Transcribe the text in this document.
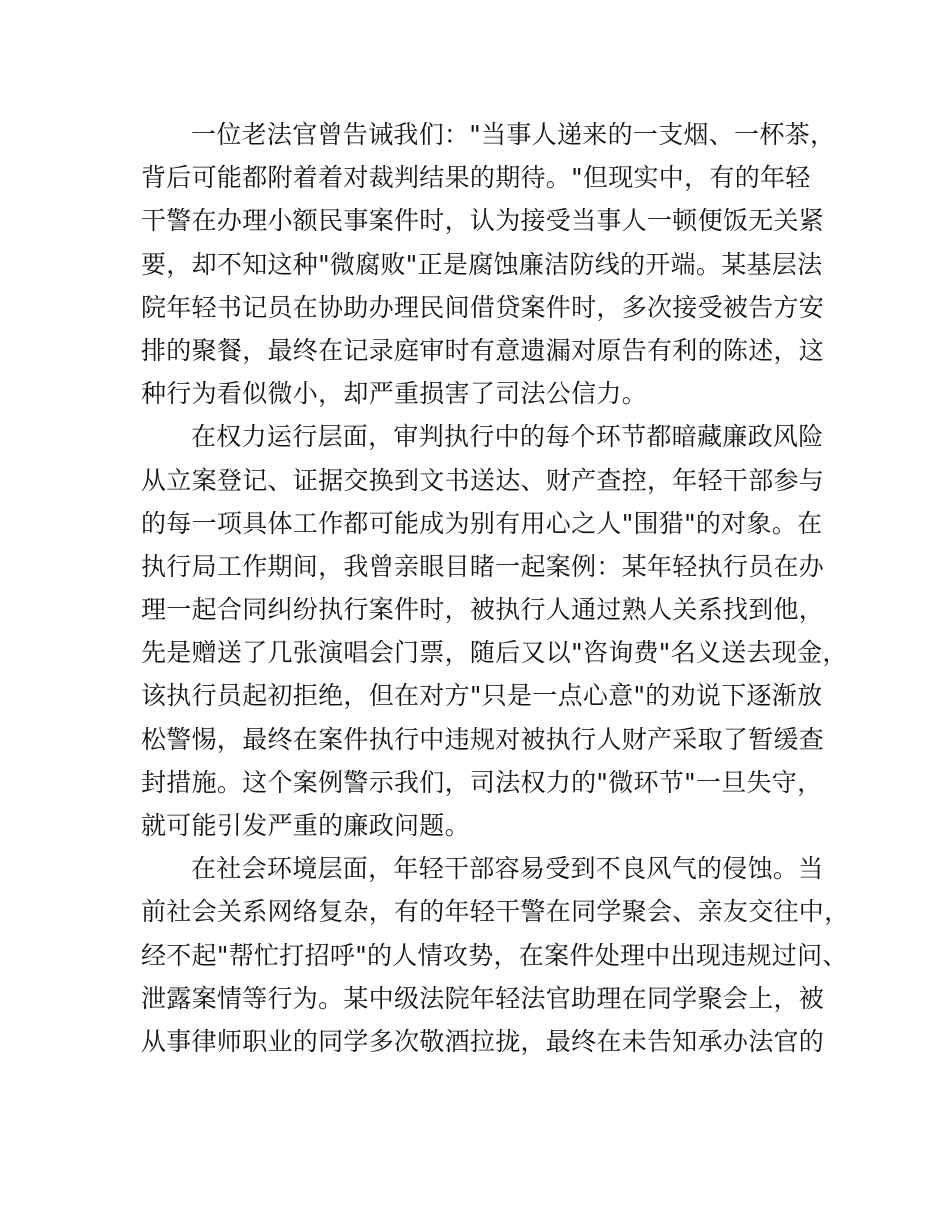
一位老法官曾告诫我们："当事人递来的一支烟、一杯茶，
背后可能都附着着对裁判结果的期待。"但现实中，有的年轻
干警在办理小额民事案件时，认为接受当事人一顿便饭无关紧
要，却不知这种"微腐败"正是腐蚀廉洁防线的开端。某基层法
院年轻书记员在协助办理民间借贷案件时，多次接受被告方安
排的聚餐，最终在记录庭审时有意遗漏对原告有利的陈述，这
种行为看似微小，却严重损害了司法公信力。
在权力运行层面，审判执行中的每个环节都暗藏廉政风险
从立案登记、证据交换到文书送达、财产查控，年轻干部参与
的每一项具体工作都可能成为别有用心之人"围猎"的对象。在
执行局工作期间，我曾亲眼目睹一起案例：某年轻执行员在办
理一起合同纠纷执行案件时，被执行人通过熟人关系找到他，
先是赠送了几张演唱会门票，随后又以"咨询费"名义送去现金，
该执行员起初拒绝，但在对方"只是一点心意"的劝说下逐渐放
松警惕，最终在案件执行中违规对被执行人财产采取了暂缓查
封措施。这个案例警示我们，司法权力的"微环节"一旦失守，
就可能引发严重的廉政问题。
在社会环境层面，年轻干部容易受到不良风气的侵蚀。当
前社会关系网络复杂，有的年轻干警在同学聚会、亲友交往中，
经不起"帮忙打招呼"的人情攻势，在案件处理中出现违规过问、
泄露案情等行为。某中级法院年轻法官助理在同学聚会上，被
从事律师职业的同学多次敬酒拉拢，最终在未告知承办法官的
